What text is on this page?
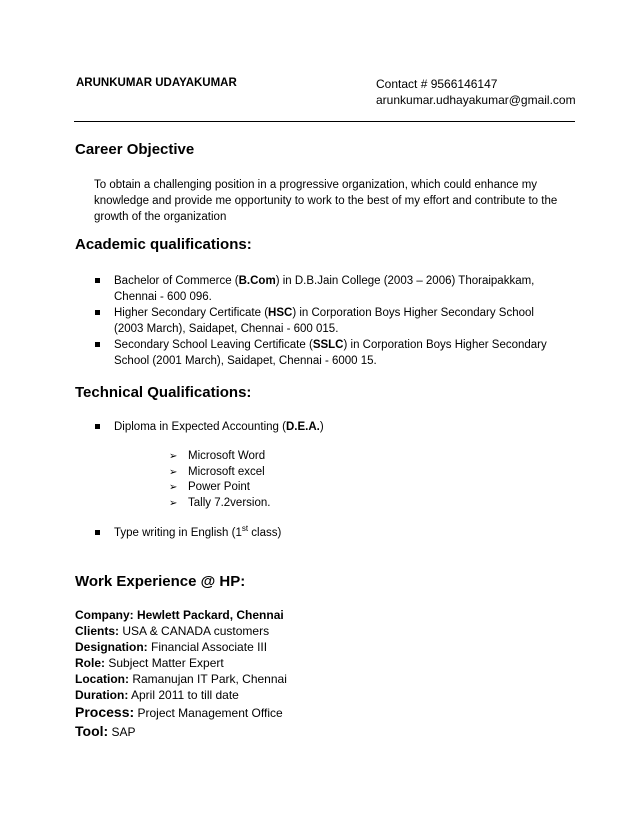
ARUNKUMAR UDAYAKUMAR	Contact # 9566146147
arunkumar.udhayakumar@gmail.com
Career Objective
To obtain a challenging position in a progressive organization, which could enhance my knowledge and provide me opportunity to work to the best of my effort and contribute to the growth of the organization
Academic qualifications:
Bachelor of Commerce (B.Com) in D.B.Jain College (2003 – 2006) Thoraipakkam, Chennai - 600 096.
Higher Secondary Certificate (HSC) in Corporation Boys Higher Secondary School (2003 March), Saidapet, Chennai - 600 015.
Secondary School Leaving Certificate (SSLC) in Corporation Boys Higher Secondary School (2001 March), Saidapet, Chennai - 6000 15.
Technical Qualifications:
Diploma in Expected Accounting (D.E.A.)
➢ Microsoft Word
➢ Microsoft excel
➢ Power Point
➢ Tally 7.2version.
Type writing in English (1st class)
Work Experience @ HP:
Company: Hewlett Packard, Chennai
Clients: USA & CANADA customers
Designation: Financial Associate III
Role: Subject Matter Expert
Location: Ramanujan IT Park, Chennai
Duration: April 2011 to till date
Process: Project Management Office
Tool: SAP
